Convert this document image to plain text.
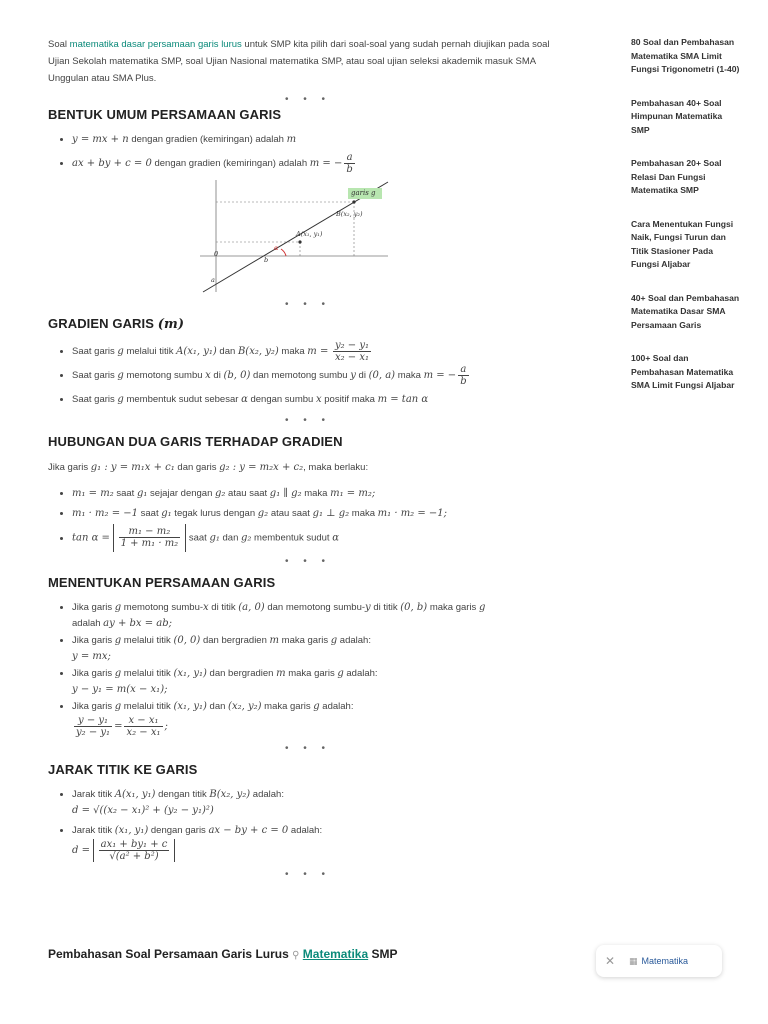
Soal matematika dasar persamaan garis lurus untuk SMP kita pilih dari soal-soal yang sudah pernah diujikan pada soal Ujian Sekolah matematika SMP, soal Ujian Nasional matematika SMP, atau soal ujian seleksi akademik masuk SMA Unggulan atau SMA Plus.

• • •
BENTUK UMUM PERSAMAAN GARIS
• y = mx + n dengan gradien (kemiringan) adalah m
• ax + by + c = 0 dengan gradien (kemiringan) adalah m = − $\frac{a}{b}$
garis g
B(x₂, y₂)
A(x₁, y₁)
α
b
0
a
• • •
GRADIEN GARIS (m)
• Saat garis g melalui titik A(x₁, y₁) dan B(x₂, y₂) maka $m = \frac{\text{y₂ − y₁}}{\text{x₂ − x₁}}$
• Saat garis g memotong sumbu x di (b, 0) dan memotong sumbu y di (0, a) maka m = − $\frac{a}{b}$
• Saat garis g membentuk sudut sebesar α dengan sumbu x positif maka m = tan α
• • •
HUBUNGAN DUA GARIS TERHADAP GRADIEN

Jika garis g₁ : y = m₁x + c₁ dan garis g₂ : y = m₂x + c₂, maka berlaku:

• m₁ = m₂ saat g₁ sejajar dengan g₂ atau saat g₁ ∥ g₂ maka m₁ = m₂;
• m₁ · m₂ = −1 saat g₁ tegak lurus dengan g₂ atau saat g₁ ⊥ g₂ maka m₁ · m₂ = −1;
• $\tan \alpha = \frac{\text{m₁ − m₂}}{\text{1 + m₁ · m₂}}$ saat g₁ dan g₂ membentuk sudut α
• • •
MENENTUKAN PERSAMAAN GARIS
• Jika garis g memotong sumbu-x di titik (a, 0) dan memotong sumbu-y di titik (0, b) maka garis g
adalah ay + bx = ab;
• Jika garis g melalui titik (0, 0) dan bergradien m maka garis g adalah:
y = mx;
• Jika garis g melalui titik (x₁, y₁) dan bergradien m maka garis g adalah:
y − y₁ = m(x − x₁);
• Jika garis g melalui titik (x₁, y₁) dan (x₂, y₂) maka garis g adalah:

$\frac{\text{y − y₁}}{\text{y₂ − y₁}} = \frac{\text{x − x₁}}{\text{x₂ − x₁}}$ ;
• • •
JARAK TITIK KE GARIS
• Jarak titik A(x₁, y₁) dengan titik B(x₂, y₂) adalah:
d = √((x₂ − x₁)² + (y₂ − y₁)²)
• Jarak titik (x₁, y₁) dengan garis ax − by + c = 0 adalah:
$d = \frac{\text{ax₁ + by₁ + c}}{\text{√(a² + b²)}}$
• • •
80 Soal dan Pembahasan Matematika SMA Limit Fungsi Trigonometri (1-40)
Pembahasan 40+ Soal Himpunan Matematika SMP
Pembahasan 20+ Soal Relasi Dan Fungsi Matematika SMP
Cara Menentukan Fungsi Naik, Fungsi Turun dan Titik Stasioner Pada Fungsi Aljabar
40+ Soal dan Pembahasan Matematika Dasar SMA Persamaan Garis
100+ Soal dan Pembahasan Matematika SMA Limit Fungsi Aljabar
Pembahasan Soal Persamaan Garis Lurus ⚲ Matematika SMP	✕	▦ Matematika
